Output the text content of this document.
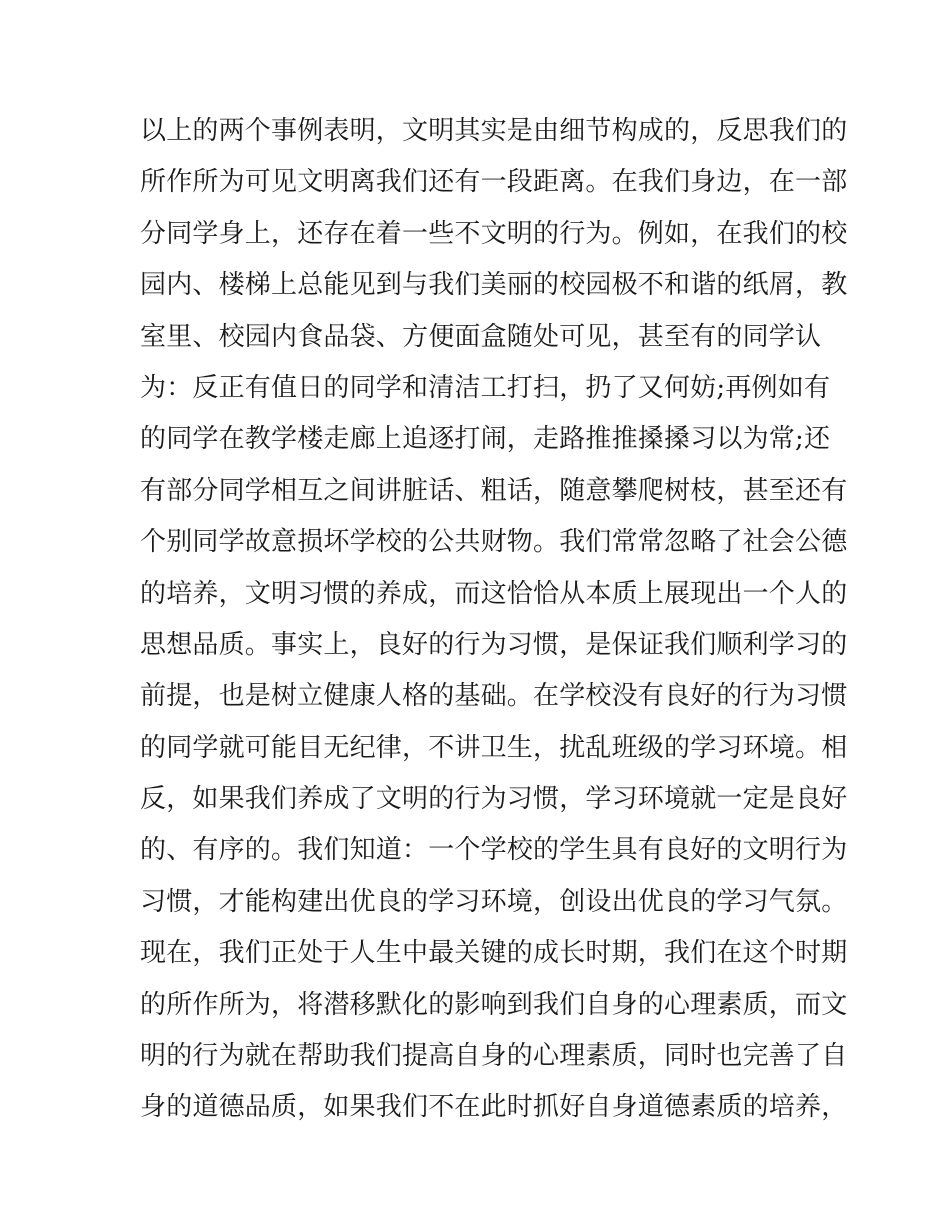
以上的两个事例表明，文明其实是由细节构成的，反思我们的
所作所为可见文明离我们还有一段距离。在我们身边，在一部
分同学身上，还存在着一些不文明的行为。例如，在我们的校
园内、楼梯上总能见到与我们美丽的校园极不和谐的纸屑，教
室里、校园内食品袋、方便面盒随处可见，甚至有的同学认
为：反正有值日的同学和清洁工打扫，扔了又何妨;再例如有
的同学在教学楼走廊上追逐打闹，走路推推搡搡习以为常;还
有部分同学相互之间讲脏话、粗话，随意攀爬树枝，甚至还有
个别同学故意损坏学校的公共财物。我们常常忽略了社会公德
的培养，文明习惯的养成，而这恰恰从本质上展现出一个人的
思想品质。事实上，良好的行为习惯，是保证我们顺利学习的
前提，也是树立健康人格的基础。在学校没有良好的行为习惯
的同学就可能目无纪律，不讲卫生，扰乱班级的学习环境。相
反，如果我们养成了文明的行为习惯，学习环境就一定是良好
的、有序的。我们知道：一个学校的学生具有良好的文明行为
习惯，才能构建出优良的学习环境，创设出优良的学习气氛。
现在，我们正处于人生中最关键的成长时期，我们在这个时期
的所作所为，将潜移默化的影响到我们自身的心理素质，而文
明的行为就在帮助我们提高自身的心理素质，同时也完善了自
身的道德品质，如果我们不在此时抓好自身道德素质的培养，
